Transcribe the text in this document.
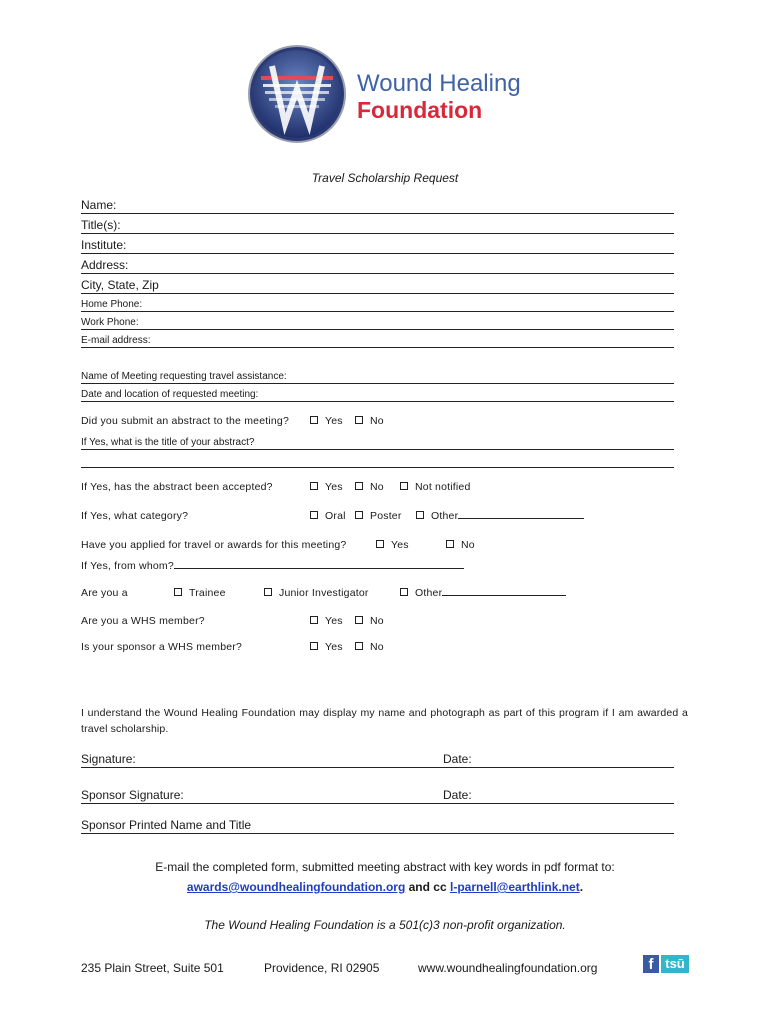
Wound Healing
Foundation
Travel Scholarship Request
Name:
Title(s):
Institute:
Address:
City, State, Zip
Home Phone:
Work Phone:
E-mail address:
Name of Meeting requesting travel assistance:
Date and location of requested meeting:
Did you submit an abstract to the meeting?	Yes	No
If Yes, what is the title of your abstract?
If Yes, has the abstract been accepted?	Yes	No	Not notified
If Yes, what category?	Oral	Poster	Other
Have you applied for travel or awards for this meeting?	Yes	No
If Yes, from whom?
Are you a	Trainee	Junior Investigator	Other
Are you a WHS member?	Yes	No
Is your sponsor a WHS member?	Yes	No
I understand the Wound Healing Foundation may display my name and photograph as part of this program if I am awarded a travel scholarship.
Signature:	Date:
Sponsor Signature:	Date:
Sponsor Printed Name and Title
E-mail the completed form, submitted meeting abstract with key words in pdf format to:
awards@woundhealingfoundation.org and cc l-parnell@earthlink.net.
The Wound Healing Foundation is a 501(c)3 non-profit organization.
235 Plain Street, Suite 501	Providence, RI 02905	www.woundhealingfoundation.org	f tsū
